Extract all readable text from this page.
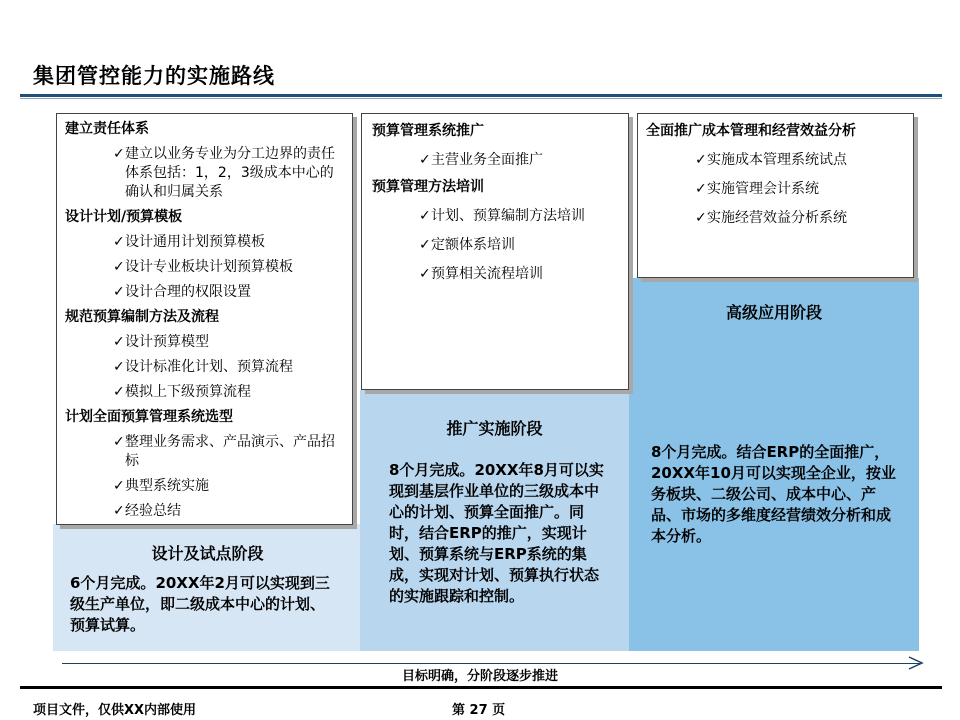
集团管控能力的实施路线
建立责任体系
✓ 建立以业务专业为分工边界的责任体系包括：1，2，3级成本中心的确认和归属关系
设计计划/预算模板
✓ 设计通用计划预算模板
✓ 设计专业板块计划预算模板
✓ 设计合理的权限设置
规范预算编制方法及流程
✓ 设计预算模型
✓ 设计标准化计划、预算流程
✓ 模拟上下级预算流程
计划全面预算管理系统选型
✓ 整理业务需求、产品演示、产品招标
✓ 典型系统实施
✓ 经验总结
预算管理系统推广
✓ 主营业务全面推广
预算管理方法培训
✓ 计划、预算编制方法培训
✓ 定额体系培训
✓ 预算相关流程培训
全面推广成本管理和经营效益分析
✓ 实施成本管理系统试点
✓ 实施管理会计系统
✓ 实施经营效益分析系统
设计及试点阶段
6个月完成。20XX年2月可以实现到三级生产单位，即二级成本中心的计划、预算试算。
推广实施阶段
8个月完成。20XX年8月可以实现到基层作业单位的三级成本中心的计划、预算全面推广。同时，结合ERP的推广，实现计划、预算系统与ERP系统的集成，实现对计划、预算执行状态的实施跟踪和控制。
高级应用阶段
8个月完成。结合ERP的全面推广，20XX年10月可以实现全企业，按业务板块、二级公司、成本中心、产品、市场的多维度经营绩效分析和成本分析。
目标明确，分阶段逐步推进
项目文件，仅供XX内部使用	第 27 页
